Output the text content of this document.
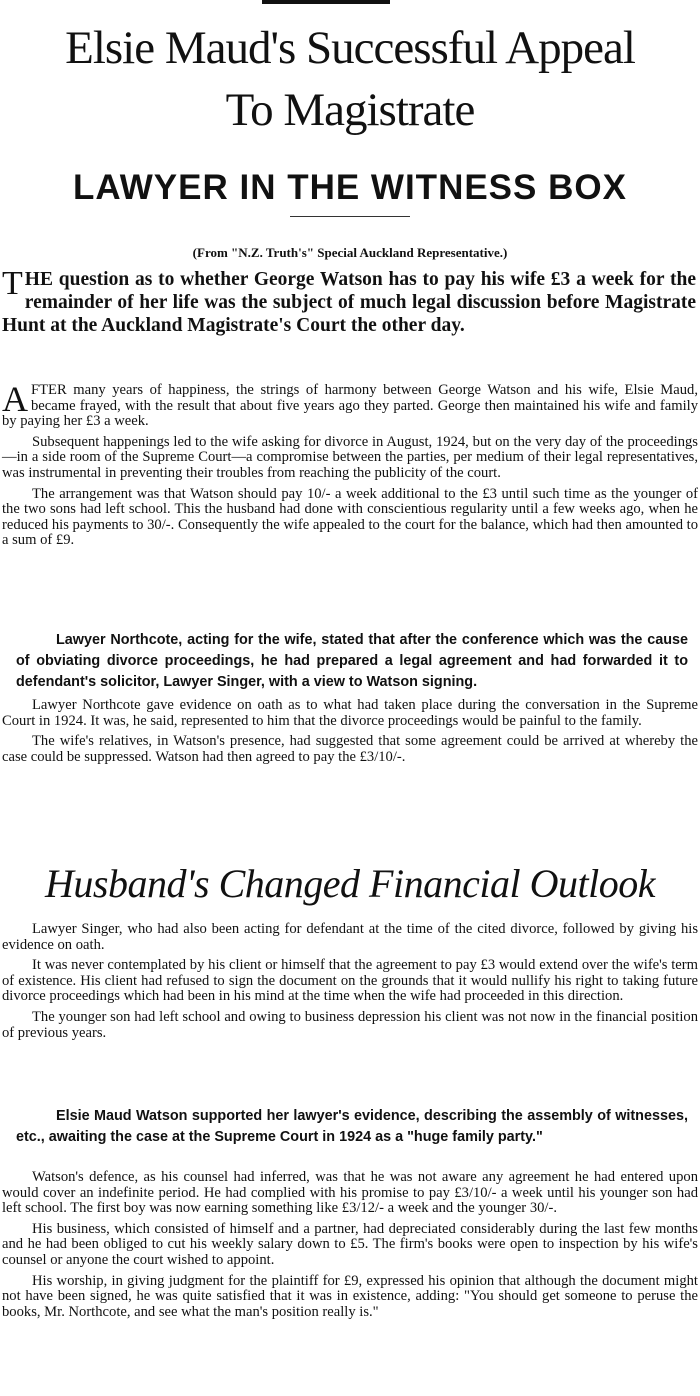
Elsie Maud's Successful Appeal
To Magistrate
LAWYER IN THE WITNESS BOX

(From "N.Z. Truth's" Special Auckland Representative.)

THE question as to whether George Watson has to pay his wife £3 a week for the remainder of her life was the subject of much legal discussion before Magistrate Hunt at the Auckland Magistrate's Court the other day.

AFTER many years of happiness, the strings of harmony between George Watson and his wife, Elsie Maud, became frayed, with the result that about five years ago they parted. George then maintained his wife and family by paying her £3 a week.

Subsequent happenings led to the wife asking for divorce in August, 1924, but on the very day of the proceedings—in a side room of the Supreme Court—a compromise between the parties, per medium of their legal representatives, was instrumental in preventing their troubles from reaching the publicity of the court.

The arrangement was that Watson should pay 10/- a week additional to the £3 until such time as the younger of the two sons had left school. This the husband had done with conscientious regularity until a few weeks ago, when he reduced his payments to 30/-. Consequently the wife appealed to the court for the balance, which had then amounted to a sum of £9.

Lawyer Northcote, acting for the wife, stated that after the conference which was the cause of obviating divorce proceedings, he had prepared a legal agreement and had forwarded it to defendant's solicitor, Lawyer Singer, with a view to Watson signing.

Lawyer Northcote gave evidence on oath as to what had taken place during the conversation in the Supreme Court in 1924. It was, he said, represented to him that the divorce proceedings would be painful to the family.

The wife's relatives, in Watson's presence, had suggested that some agreement could be arrived at whereby the case could be suppressed. Watson had then agreed to pay the £3/10/-.

Husband's Changed Financial Outlook

Lawyer Singer, who had also been acting for defendant at the time of the cited divorce, followed by giving his evidence on oath.

It was never contemplated by his client or himself that the agreement to pay £3 would extend over the wife's term of existence. His client had refused to sign the document on the grounds that it would nullify his right to taking future divorce proceedings which had been in his mind at the time when the wife had proceeded in this direction.

The younger son had left school and owing to business depression his client was not now in the financial position of previous years.

Elsie Maud Watson supported her lawyer's evidence, describing the assembly of witnesses, etc., awaiting the case at the Supreme Court in 1924 as a "huge family party."

Watson's defence, as his counsel had inferred, was that he was not aware any agreement he had entered upon would cover an indefinite period. He had complied with his promise to pay £3/10/- a week until his younger son had left school. The first boy was now earning something like £3/12/- a week and the younger 30/-.

His business, which consisted of himself and a partner, had depreciated considerably during the last few months and he had been obliged to cut his weekly salary down to £5. The firm's books were open to inspection by his wife's counsel or anyone the court wished to appoint.

His worship, in giving judgment for the plaintiff for £9, expressed his opinion that although the document might not have been signed, he was quite satisfied that it was in existence, adding: "You should get someone to peruse the books, Mr. Northcote, and see what the man's position really is."
